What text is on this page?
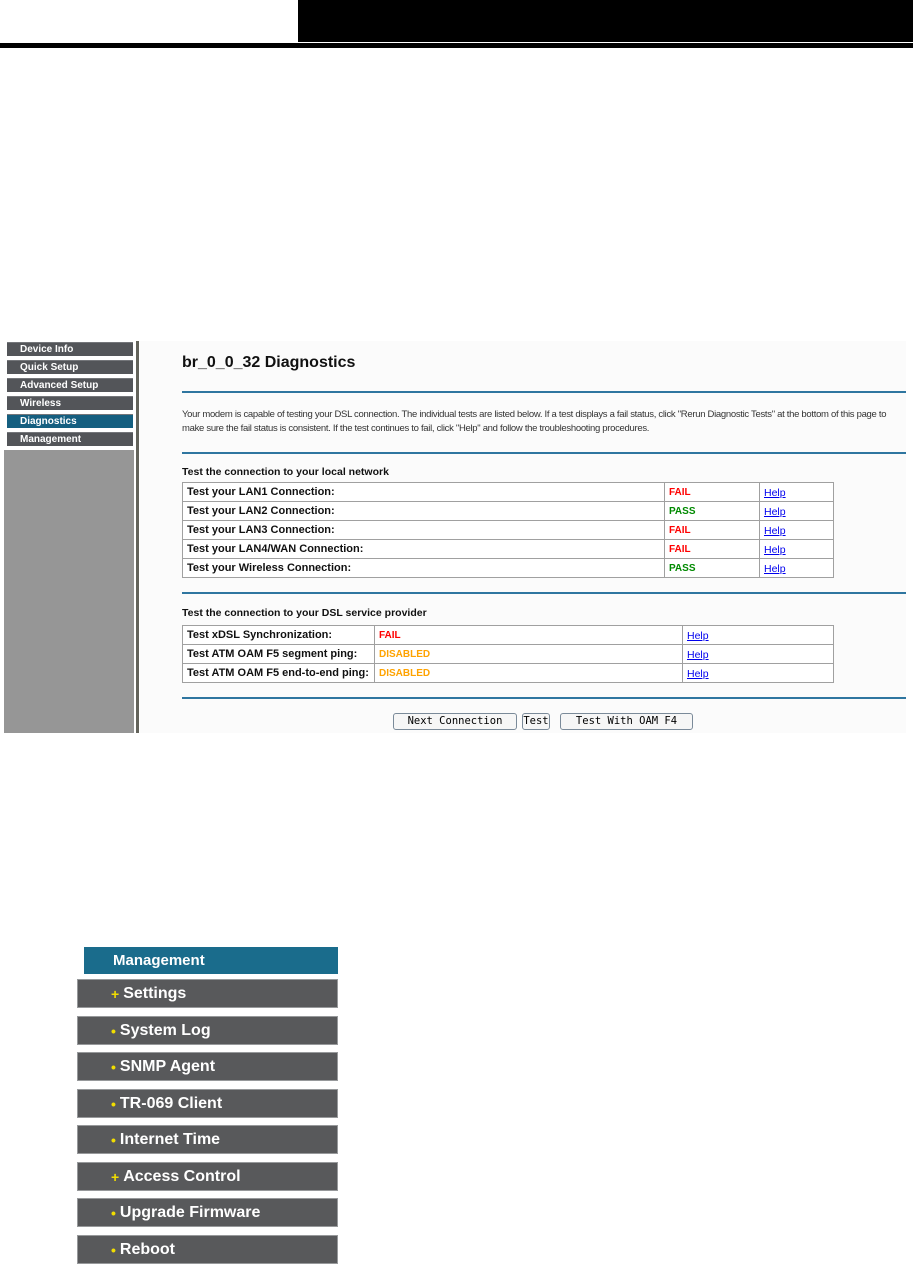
Device Info
Quick Setup
Advanced Setup
Wireless
Diagnostics
Management
br_0_0_32 Diagnostics
Your modem is capable of testing your DSL connection. The individual tests are listed below. If a test displays a fail status, click "Rerun Diagnostic Tests" at the bottom of this page to make sure the fail status is consistent. If the test continues to fail, click "Help" and follow the troubleshooting procedures.
Test the connection to your local network
Test your LAN1 Connection:	FAIL	Help
Test your LAN2 Connection:	PASS	Help
Test your LAN3 Connection:	FAIL	Help
Test your LAN4/WAN Connection:	FAIL	Help
Test your Wireless Connection:	PASS	Help
Test the connection to your DSL service provider
Test xDSL Synchronization:	FAIL	Help
Test ATM OAM F5 segment ping:	DISABLED	Help
Test ATM OAM F5 end-to-end ping:	DISABLED	Help
Next Connection	Test	Test With OAM F4
Management
+ Settings
• System Log
• SNMP Agent
• TR-069 Client
• Internet Time
+ Access Control
• Upgrade Firmware
• Reboot
